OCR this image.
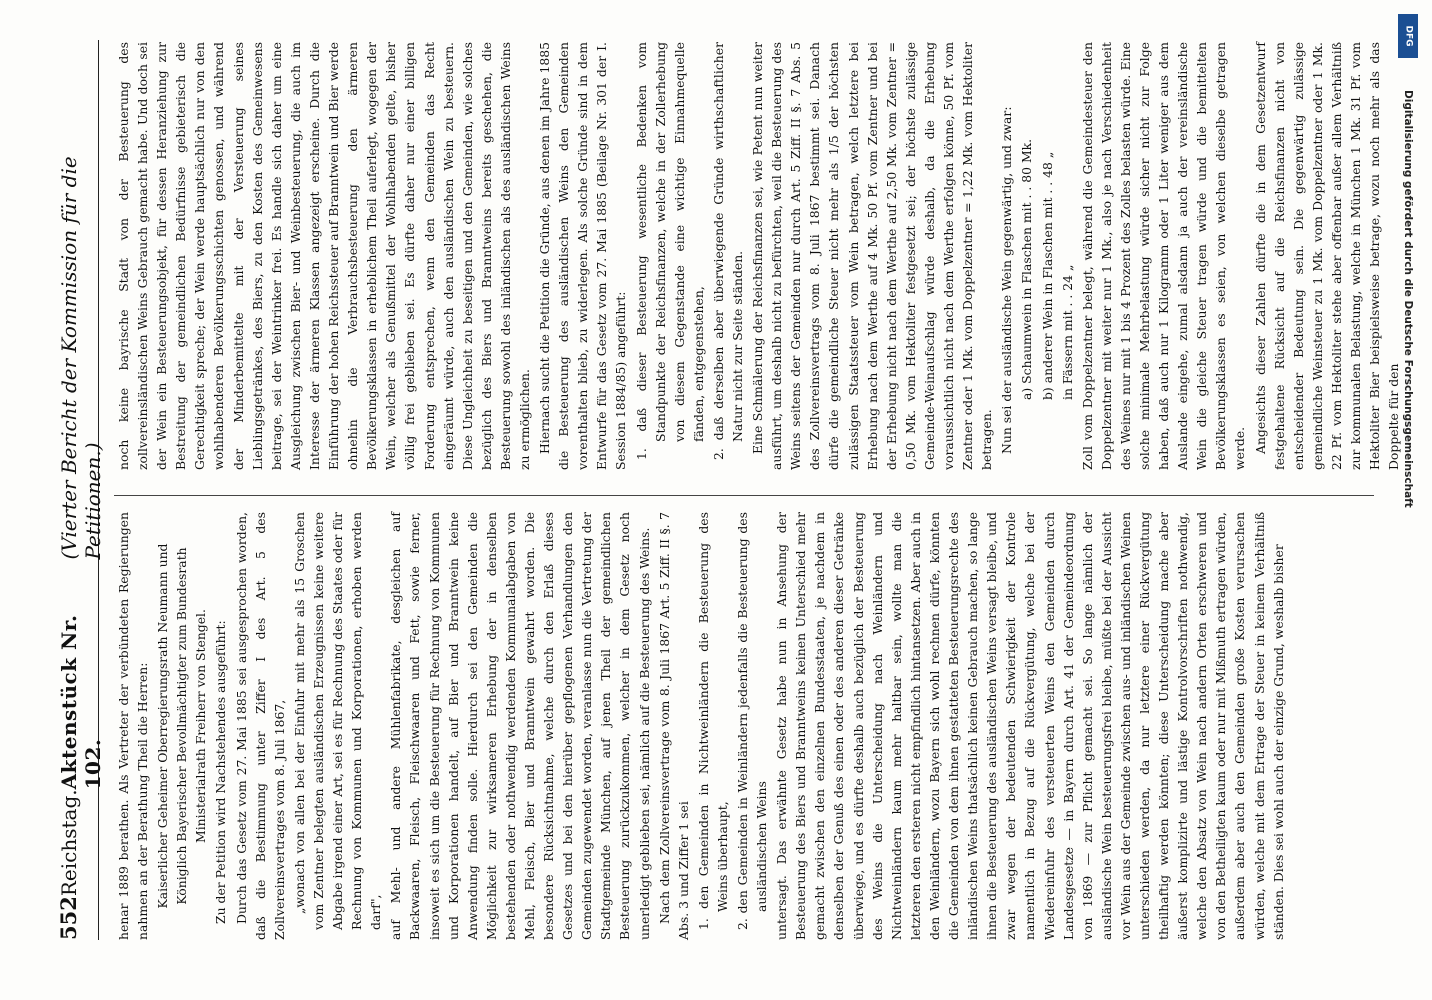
552
Reichstag.
Aktenstück Nr. 102.
(Vierter Bericht der Kommission für die Petitionen.)

henar 1889 berathen. Als Vertreter der verbündeten Regierungen nahmen an der Berathung Theil die Herren: Kaiserlicher Geheimer Oberregierungsrath Neumann und Königlich Bayerischer Bevollmächtigter zum Bundesrath Ministerialrath Freiherr von Stengel. Zu der Petition wird Nachstehendes ausgeführt: Durch das Gesetz vom 27. Mai 1885 sei ausgesprochen worden, daß die Bestimmung unter Ziffer I des Art. 5 des Zollvereinsvertrages vom 8. Juli 1867, „wonach von allen bei der Einfuhr mit mehr als 15 Groschen vom Zentner belegten ausländischen Erzeugnissen keine weitere Abgabe irgend einer Art, sei es für Rechnung des Staates oder für Rechnung von Kommunen und Korporationen, erhoben werden darf", auf Mehl- und andere Mühlenfabrikate, desgleichen auf Backwaaren, Fleisch, Fleischwaaren und Fett, sowie ferner, insoweit es sich um die Besteuerung für Rechnung von Kommunen und Korporationen handelt, auf Bier und Branntwein keine Anwendung finden solle. Hierdurch sei den Gemeinden die Möglichkeit zur wirksameren Erhebung der in denselben bestehenden oder nothwendig werdenden Kommunalabgaben von Mehl, Fleisch, Bier und Branntwein gewahrt worden. Die besondere Rücksichtnahme, welche durch den Erlaß dieses Gesetzes und bei den hierüber gepflogenen Verhandlungen den Gemeinden zugewendet worden, veranlasse nun die Vertretung der Stadtgemeinde München, auf jenen Theil der gemeindlichen Besteuerung zurückzukommen, welcher in dem Gesetz noch unerledigt geblieben sei, nämlich auf die Besteuerung des Weins. Nach dem Zollvereinsvertrage vom 8. Juli 1867 Art. 5 Ziff. II §. 7 Abs. 3 und Ziffer 1 sei 1. den Gemeinden in Nichtweinländern die Besteuerung des Weins überhaupt, 2. den Gemeinden in Weinländern jedenfalls die Besteuerung des ausländischen Weins untersagt. Das erwähnte Gesetz habe nun in Ansehung der Besteuerung des Biers und Branntweins keinen Unterschied mehr gemacht zwischen den einzelnen Bundesstaaten, je nachdem in denselben der Genuß des einen oder des anderen dieser Getränke überwiege, und es dürfte deshalb auch bezüglich der Besteuerung des Weins die Unterscheidung nach Weinländern und Nichtweinländern kaum mehr haltbar sein, wollte man die letzteren den ersteren nicht empfindlich hintansetzen. Aber auch in den Weinländern, wozu Bayern sich wohl rechnen dürfe, könnten die Gemeinden von dem ihnen gestatteten Besteuerungsrechte des inländischen Weins thatsächlich keinen Gebrauch machen, so lange ihnen die Besteuerung des ausländischen Weins versagt bleibe, und zwar wegen der bedeutenden Schwierigkeit der Kontrole namentlich in Bezug auf die Rückvergütung, welche bei der Wiedereinfuhr des versteuerten Weins den Gemeinden durch Landesgesetze — in Bayern durch Art. 41 der Gemeindeordnung von 1869 — zur Pflicht gemacht sei. So lange nämlich der ausländische Wein besteuerungsfrei bleibe, müßte bei der Aussicht vor Wein aus der Gemeinde zwischen aus- und inländischen Weinen unterschieden werden, da nur letztere einer Rückvergütung theilhaftig werden könnten; diese Unterscheidung mache aber äußerst komplizirte und lästige Kontrolvorschriften nothwendig, welche den Absatz von Wein nach andern Orten erschweren und von den Betheiligten kaum oder nur mit Mißmuth ertragen würden, außerdem aber auch den Gemeinden große Kosten verursachen würden, welche mit dem Ertrage der Steuer in keinem Verhältniß ständen. Dies sei wohl auch der einzige Grund, weshalb bisher

noch keine bayrische Stadt von der Besteuerung des zollvereinsländischen Weins Gebrauch gemacht habe. Und doch sei der Wein ein Besteuerungsobjekt, für dessen Heranziehung zur Bestreitung der gemeindlichen Bedürfnisse gebieterisch die Gerechtigkeit spreche; der Wein werde hauptsächlich nur von den wohlhabenderen Bevölkerungsschichten genossen, und während der Minderbemittelte mit der Versteuerung seines Lieblingsgetränkes, des Biers, zu den Kosten des Gemeinwesens beitrage, sei der Weintrinker frei. Es handle sich daher um eine Ausgleichung zwischen Bier- und Weinbesteuerung, die auch im Interesse der ärmeren Klassen angezeigt erscheine. Durch die Einführung der hohen Reichssteuer auf Branntwein und Bier werde ohnehin die Verbrauchsbesteuerung den ärmeren Bevölkerungsklassen in erheblichem Theil auferlegt, wogegen der Wein, welcher als Genußmittel der Wohlhabenden gelte, bisher völlig frei geblieben sei. Es dürfte daher nur einer billigen Forderung entsprechen, wenn den Gemeinden das Recht eingeräumt würde, auch den ausländischen Wein zu besteuern. Diese Ungleichheit zu beseitigen und den Gemeinden, wie solches bezüglich des Biers und Branntweins bereits geschehen, die Besteuerung sowohl des inländischen als des ausländischen Weins zu ermöglichen. Hiernach sucht die Petition die Gründe, aus denen im Jahre 1885 die Besteuerung des ausländischen Weins den Gemeinden vorenthalten blieb, zu widerlegen. Als solche Gründe sind in dem Entwurfe für das Gesetz vom 27. Mai 1885 (Beilage Nr. 301 der I. Session 1884/85) angeführt: 1. daß dieser Besteuerung wesentliche Bedenken vom Standpunkte der Reichsfinanzen, welche in der Zollerhebung von diesem Gegenstande eine wichtige Einnahmequelle fänden, entgegenstehen, 2. daß derselben aber überwiegende Gründe wirthschaftlicher Natur nicht zur Seite ständen. Eine Schmälerung der Reichsfinanzen sei, wie Petent nun weiter ausführt, um deshalb nicht zu befürchten, weil die Besteuerung des Weins seitens der Gemeinden nur durch Art. 5 Ziff. II §. 7 Abs. 5 des Zollvereinsvertrags vom 8. Juli 1867 bestimmt sei. Danach dürfe die gemeindliche Steuer nicht mehr als 1/5 der höchsten zulässigen Staatssteuer vom Wein betragen, welch letztere bei Erhebung nach dem Werthe auf 4 Mk. 50 Pf. vom Zentner und bei der Erhebung nicht nach dem Werthe auf 2,50 Mk. vom Zentner = 0,50 Mk. vom Hektoliter festgesetzt sei; der höchste zulässige Gemeinde-Weinaufschlag würde deshalb, da die Erhebung voraussichtlich nicht nach dem Werthe erfolgen könne, 50 Pf. vom Zentner oder 1 Mk. vom Doppelzentner = 1,22 Mk. vom Hektoliter betragen. Nun sei der ausländische Wein gegenwärtig, und zwar: a) Schaumwein in Flaschen mit . . 80 Mk. b) anderer Wein in Flaschen mit . . 48 „ in Fässern mit . . 24 „ Zoll vom Doppelzentner belegt, während die Gemeindesteuer den Doppelzentner mit weiter nur 1 Mk., also je nach Verschiedenheit des Weines nur mit 1 bis 4 Prozent des Zolles belasten würde. Eine solche minimale Mehrbelastung würde sicher nicht zur Folge haben, daß auch nur 1 Kilogramm oder 1 Liter weniger aus dem Auslande eingehe, zumal alsdann ja auch der vereinsländische Wein die gleiche Steuer tragen würde und die bemittelten Bevölkerungsklassen es seien, von welchen dieselbe getragen werde. Angesichts dieser Zahlen dürfte die in dem Gesetzentwurf festgehaltene Rücksicht auf die Reichsfinanzen nicht von entscheidender Bedeutung sein. Die gegenwärtig zulässige gemeindliche Weinsteuer zu 1 Mk. vom Doppelzentner oder 1 Mk. 22 Pf. vom Hektoliter stehe aber offenbar außer allem Verhältniß zur kommunalen Belastung, welche in München 1 Mk. 31 Pf. vom Hektoliter Bier beispielsweise betrage, wozu noch mehr als das Doppelte für den

DFG
Digitalisierung gefördert durch die Deutsche Forschungsgemeinschaft
